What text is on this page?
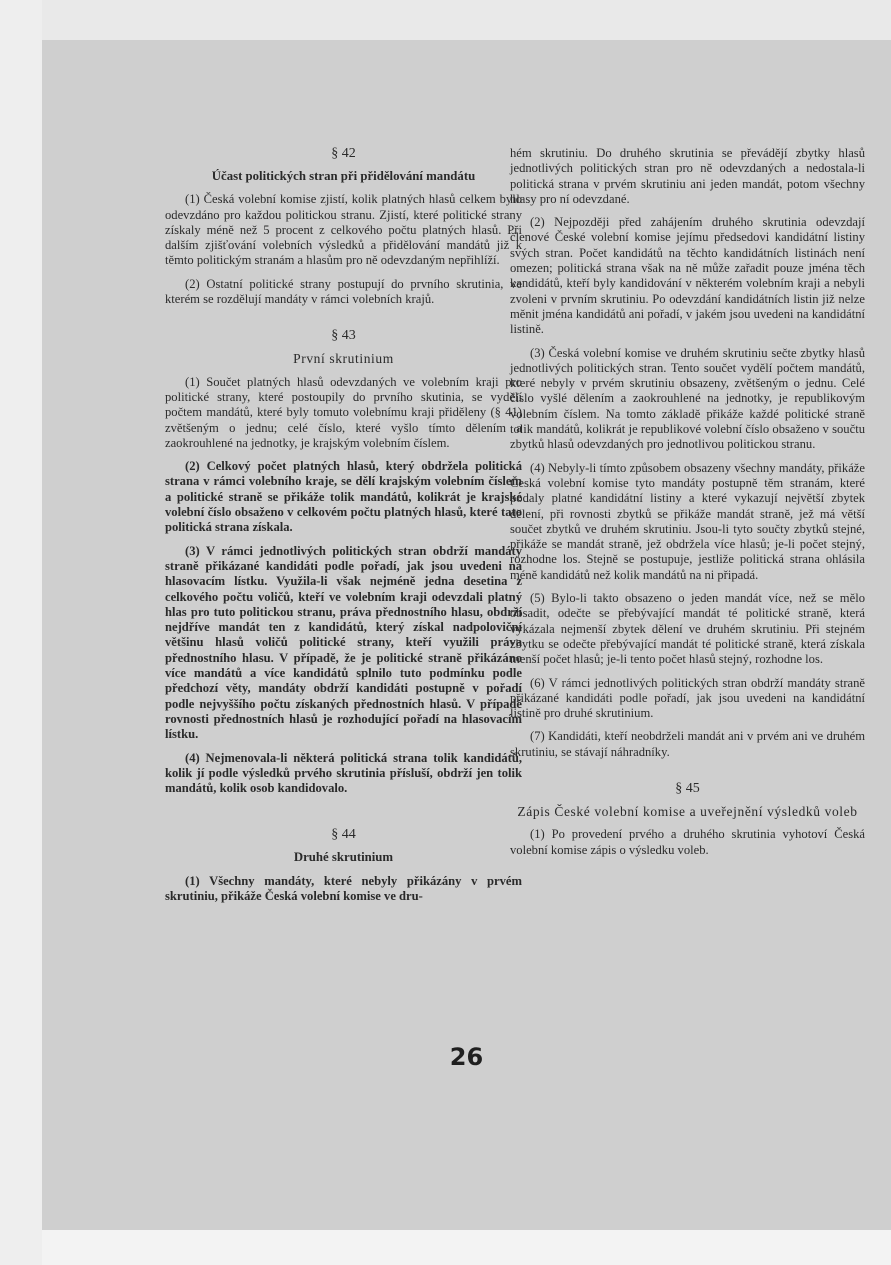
§ 42
Účast politických stran při přidělování mandátu

(1) Česká volební komise zjistí, kolik platných hlasů celkem bylo odevzdáno pro každou politickou stranu. Zjistí, které politické strany získaly méně než 5 procent z celkového počtu platných hlasů. Při dalším zjišťování volebních výsledků a přidělování mandátů již k těmto politickým stranám a hlasům pro ně odevzdaným nepřihlíží.

(2) Ostatní politické strany postupují do prvního skrutinia, ve kterém se rozdělují mandáty v rámci volebních krajů.

§ 43
První skrutinium

(1) Součet platných hlasů odevzdaných ve volebním kraji pro politické strany, které postoupily do prvního skutinia, se vydělí počtem mandátů, které byly tomuto volebnímu kraji přiděleny (§ 41) zvětšeným o jednu; celé číslo, které vyšlo tímto dělením a zaokrouhlené na jednotky, je krajským volebním číslem.

(2) Celkový počet platných hlasů, který obdržela politická strana v rámci volebního kraje, se dělí krajským volebním číslem a politické straně se přikáže tolik mandátů, kolikrát je krajské volební číslo obsaženo v celkovém počtu platných hlasů, které tato politická strana získala.

(3) V rámci jednotlivých politických stran obdrží mandáty straně přikázané kandidáti podle pořadí, jak jsou uvedeni na hlasovacím lístku. Využila-li však nejméně jedna desetina z celkového počtu voličů, kteří ve volebním kraji odevzdali platný hlas pro tuto politickou stranu, práva přednostního hlasu, obdrží nejdříve mandát ten z kandidátů, který získal nadpoloviční většinu hlasů voličů politické strany, kteří využili práva přednostního hlasu. V případě, že je politické straně přikázáno více mandátů a více kandidátů splnilo tuto podmínku podle předchozí věty, mandáty obdrží kandidáti postupně v pořadí podle nejvyššího počtu získaných přednostních hlasů. V případě rovnosti přednostních hlasů je rozhodující pořadí na hlasovacím lístku.

(4) Nejmenovala-li některá politická strana tolik kandidátů, kolik jí podle výsledků prvého skrutinia přísluší, obdrží jen tolik mandátů, kolik osob kandidovalo.

§ 44
Druhé skrutinium

(1) Všechny mandáty, které nebyly přikázány v prvém skrutiniu, přikáže Česká volební komise ve dru-

hém skrutiniu. Do druhého skrutinia se převádějí zbytky hlasů jednotlivých politických stran pro ně odevzdaných a nedostala-li politická strana v prvém skrutiniu ani jeden mandát, potom všechny hlasy pro ní odevzdané.

(2) Nejpozději před zahájením druhého skrutinia odevzdají členové České volební komise jejímu předsedovi kandidátní listiny svých stran. Počet kandidátů na těchto kandidátních listinách není omezen; politická strana však na ně může zařadit pouze jména těch kandidátů, kteří byly kandidování v některém volebním kraji a nebyli zvoleni v prvním skrutiniu. Po odevzdání kandidátních listin již nelze měnit jména kandidátů ani pořadí, v jakém jsou uvedeni na kandidátní listině.

(3) Česká volební komise ve druhém skrutiniu sečte zbytky hlasů jednotlivých politických stran. Tento součet vydělí počtem mandátů, které nebyly v prvém skrutiniu obsazeny, zvětšeným o jednu. Celé číslo vyšlé dělením a zaokrouhlené na jednotky, je republikovým volebním číslem. Na tomto základě přikáže každé politické straně tolik mandátů, kolikrát je republikové volební číslo obsaženo v součtu zbytků hlasů odevzdaných pro jednotlivou politickou stranu.

(4) Nebyly-li tímto způsobem obsazeny všechny mandáty, přikáže Česká volební komise tyto mandáty postupně těm stranám, které podaly platné kandidátní listiny a které vykazují největší zbytek dělení, při rovnosti zbytků se přikáže mandát straně, jež má větší součet zbytků ve druhém skrutiniu. Jsou-li tyto součty zbytků stejné, přikáže se mandát straně, jež obdržela více hlasů; je-li počet stejný, rozhodne los. Stejně se postupuje, jestliže politická strana ohlásila méně kandidátů než kolik mandátů na ni připadá.

(5) Bylo-li takto obsazeno o jeden mandát více, než se mělo obsadit, odečte se přebývající mandát té politické straně, která vykázala nejmenší zbytek dělení ve druhém skrutiniu. Při stejném zbytku se odečte přebývající mandát té politické straně, která získala menší počet hlasů; je-li tento počet hlasů stejný, rozhodne los.

(6) V rámci jednotlivých politických stran obdrží mandáty straně přikázané kandidáti podle pořadí, jak jsou uvedeni na kandidátní listině pro druhé skrutinium.

(7) Kandidáti, kteří neobdrželi mandát ani v prvém ani ve druhém skrutiniu, se stávají náhradníky.

§ 45
Zápis České volební komise a uveřejnění výsledků voleb

(1) Po provedení prvého a druhého skrutinia vyhotoví Česká volební komise zápis o výsledku voleb.

26
